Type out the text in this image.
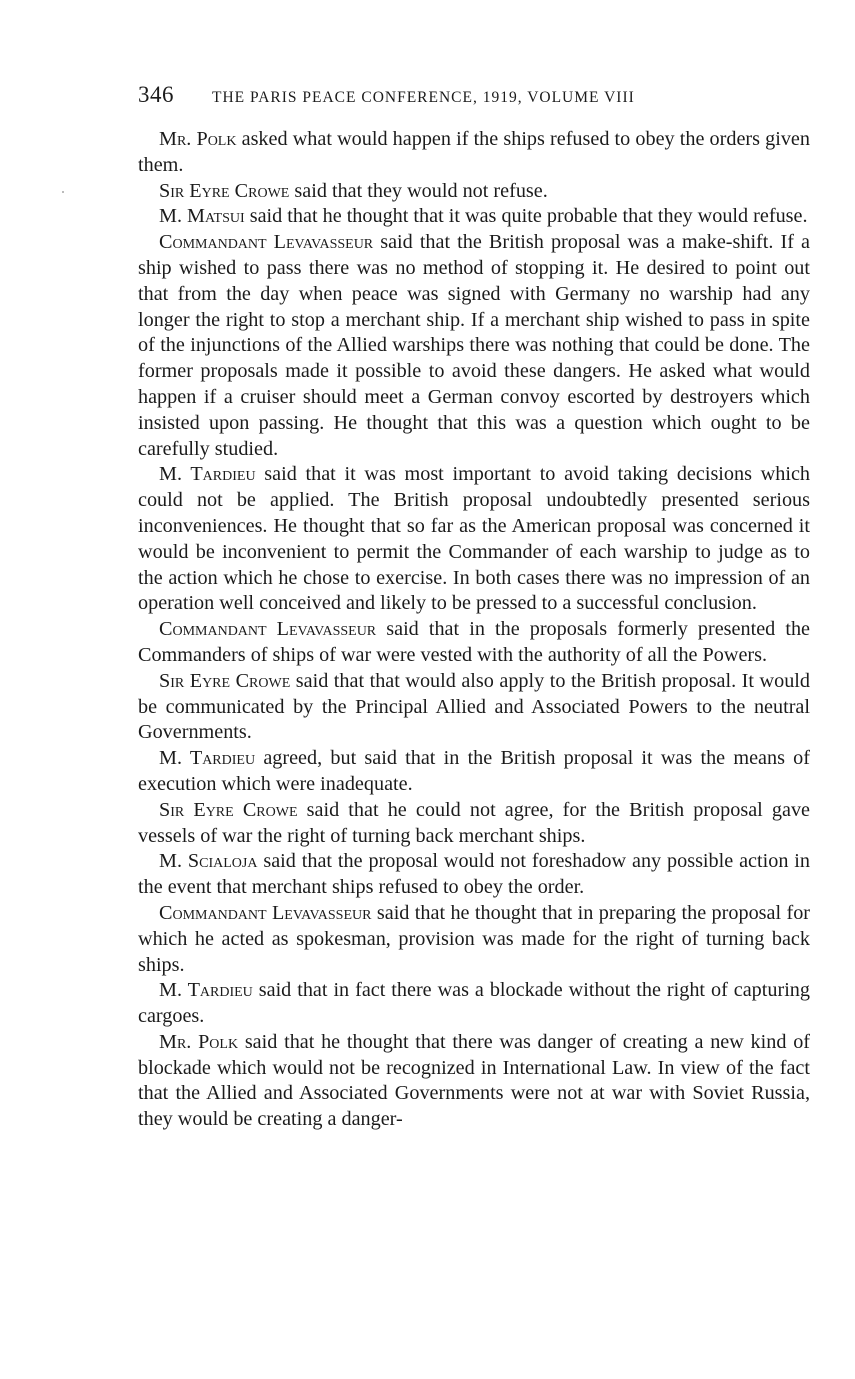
346 THE PARIS PEACE CONFERENCE, 1919, VOLUME VIII

Mr. Polk asked what would happen if the ships refused to obey the orders given them.

Sir Eyre Crowe said that they would not refuse.

M. Matsui said that he thought that it was quite probable that they would refuse.

Commandant Levavasseur said that the British proposal was a make-shift. If a ship wished to pass there was no method of stopping it. He desired to point out that from the day when peace was signed with Germany no warship had any longer the right to stop a merchant ship. If a merchant ship wished to pass in spite of the injunctions of the Allied warships there was nothing that could be done. The former proposals made it possible to avoid these dangers. He asked what would happen if a cruiser should meet a German convoy escorted by destroyers which insisted upon passing. He thought that this was a question which ought to be carefully studied.

M. Tardieu said that it was most important to avoid taking decisions which could not be applied. The British proposal undoubtedly presented serious inconveniences. He thought that so far as the American proposal was concerned it would be inconvenient to permit the Commander of each warship to judge as to the action which he chose to exercise. In both cases there was no impression of an operation well conceived and likely to be pressed to a successful conclusion.

Commandant Levavasseur said that in the proposals formerly presented the Commanders of ships of war were vested with the authority of all the Powers.

Sir Eyre Crowe said that that would also apply to the British proposal. It would be communicated by the Principal Allied and Associated Powers to the neutral Governments.

M. Tardieu agreed, but said that in the British proposal it was the means of execution which were inadequate.

Sir Eyre Crowe said that he could not agree, for the British proposal gave vessels of war the right of turning back merchant ships.

M. Scialoja said that the proposal would not foreshadow any possible action in the event that merchant ships refused to obey the order.

Commandant Levavasseur said that he thought that in preparing the proposal for which he acted as spokesman, provision was made for the right of turning back ships.

M. Tardieu said that in fact there was a blockade without the right of capturing cargoes.

Mr. Polk said that he thought that there was danger of creating a new kind of blockade which would not be recognized in International Law. In view of the fact that the Allied and Associated Governments were not at war with Soviet Russia, they would be creating a danger-
